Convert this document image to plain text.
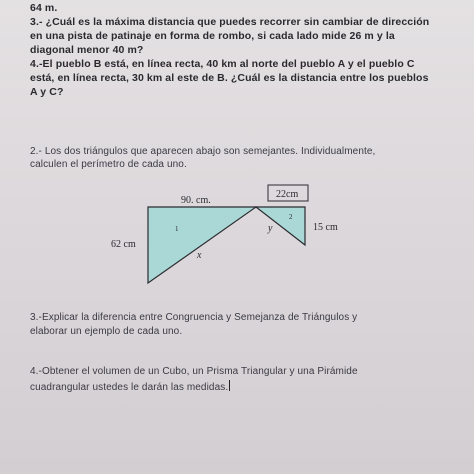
64 m.
3.- ¿Cuál es la máxima distancia que puedes recorrer sin cambiar de dirección
en una pista de patinaje en forma de rombo, si cada lado mide 26 m y la
diagonal menor 40 m?
4.-El pueblo B está, en línea recta, 40 km al norte del pueblo A y el pueblo C
está, en línea recta, 30 km al este de B. ¿Cuál es la distancia entre los pueblos
A y C?
2.- Los dos triángulos que aparecen abajo son semejantes. Individualmente,
calculen el perímetro de cada uno.
90. cm.
22cm
15 cm
62 cm
x
y
1
2
3.-Explicar la diferencia entre Congruencia y Semejanza de Triángulos y
elaborar un ejemplo de cada uno.
4.-Obtener el volumen de un Cubo, un Prisma Triangular y una Pirámide
cuadrangular ustedes le darán las medidas.
